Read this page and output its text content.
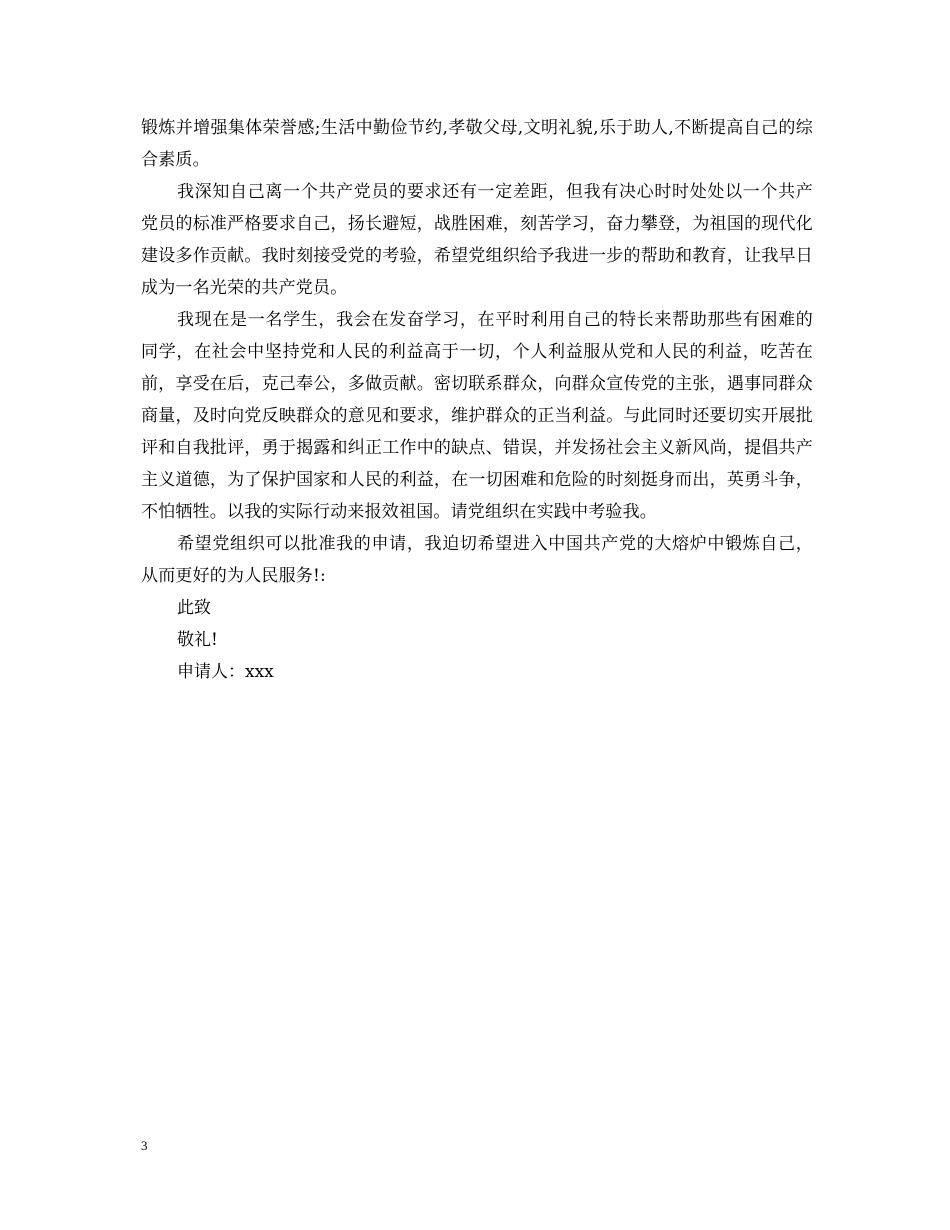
锻炼并增强集体荣誉感;生活中勤俭节约,孝敬父母,文明礼貌,乐于助人,不断提高自己的综合素质。

我深知自己离一个共产党员的要求还有一定差距，但我有决心时时处处以一个共产党员的标准严格要求自己，扬长避短，战胜困难，刻苦学习，奋力攀登，为祖国的现代化建设多作贡献。我时刻接受党的考验，希望党组织给予我进一步的帮助和教育，让我早日成为一名光荣的共产党员。

我现在是一名学生，我会在发奋学习，在平时利用自己的特长来帮助那些有困难的同学，在社会中坚持党和人民的利益高于一切，个人利益服从党和人民的利益，吃苦在前，享受在后，克己奉公，多做贡献。密切联系群众，向群众宣传党的主张，遇事同群众商量，及时向党反映群众的意见和要求，维护群众的正当利益。与此同时还要切实开展批评和自我批评，勇于揭露和纠正工作中的缺点、错误，并发扬社会主义新风尚，提倡共产主义道德，为了保护国家和人民的利益，在一切困难和危险的时刻挺身而出，英勇斗争，不怕牺牲。以我的实际行动来报效祖国。请党组织在实践中考验我。

希望党组织可以批准我的申请，我迫切希望进入中国共产党的大熔炉中锻炼自己，从而更好的为人民服务!:

此致

敬礼!

申请人：xxx

3
